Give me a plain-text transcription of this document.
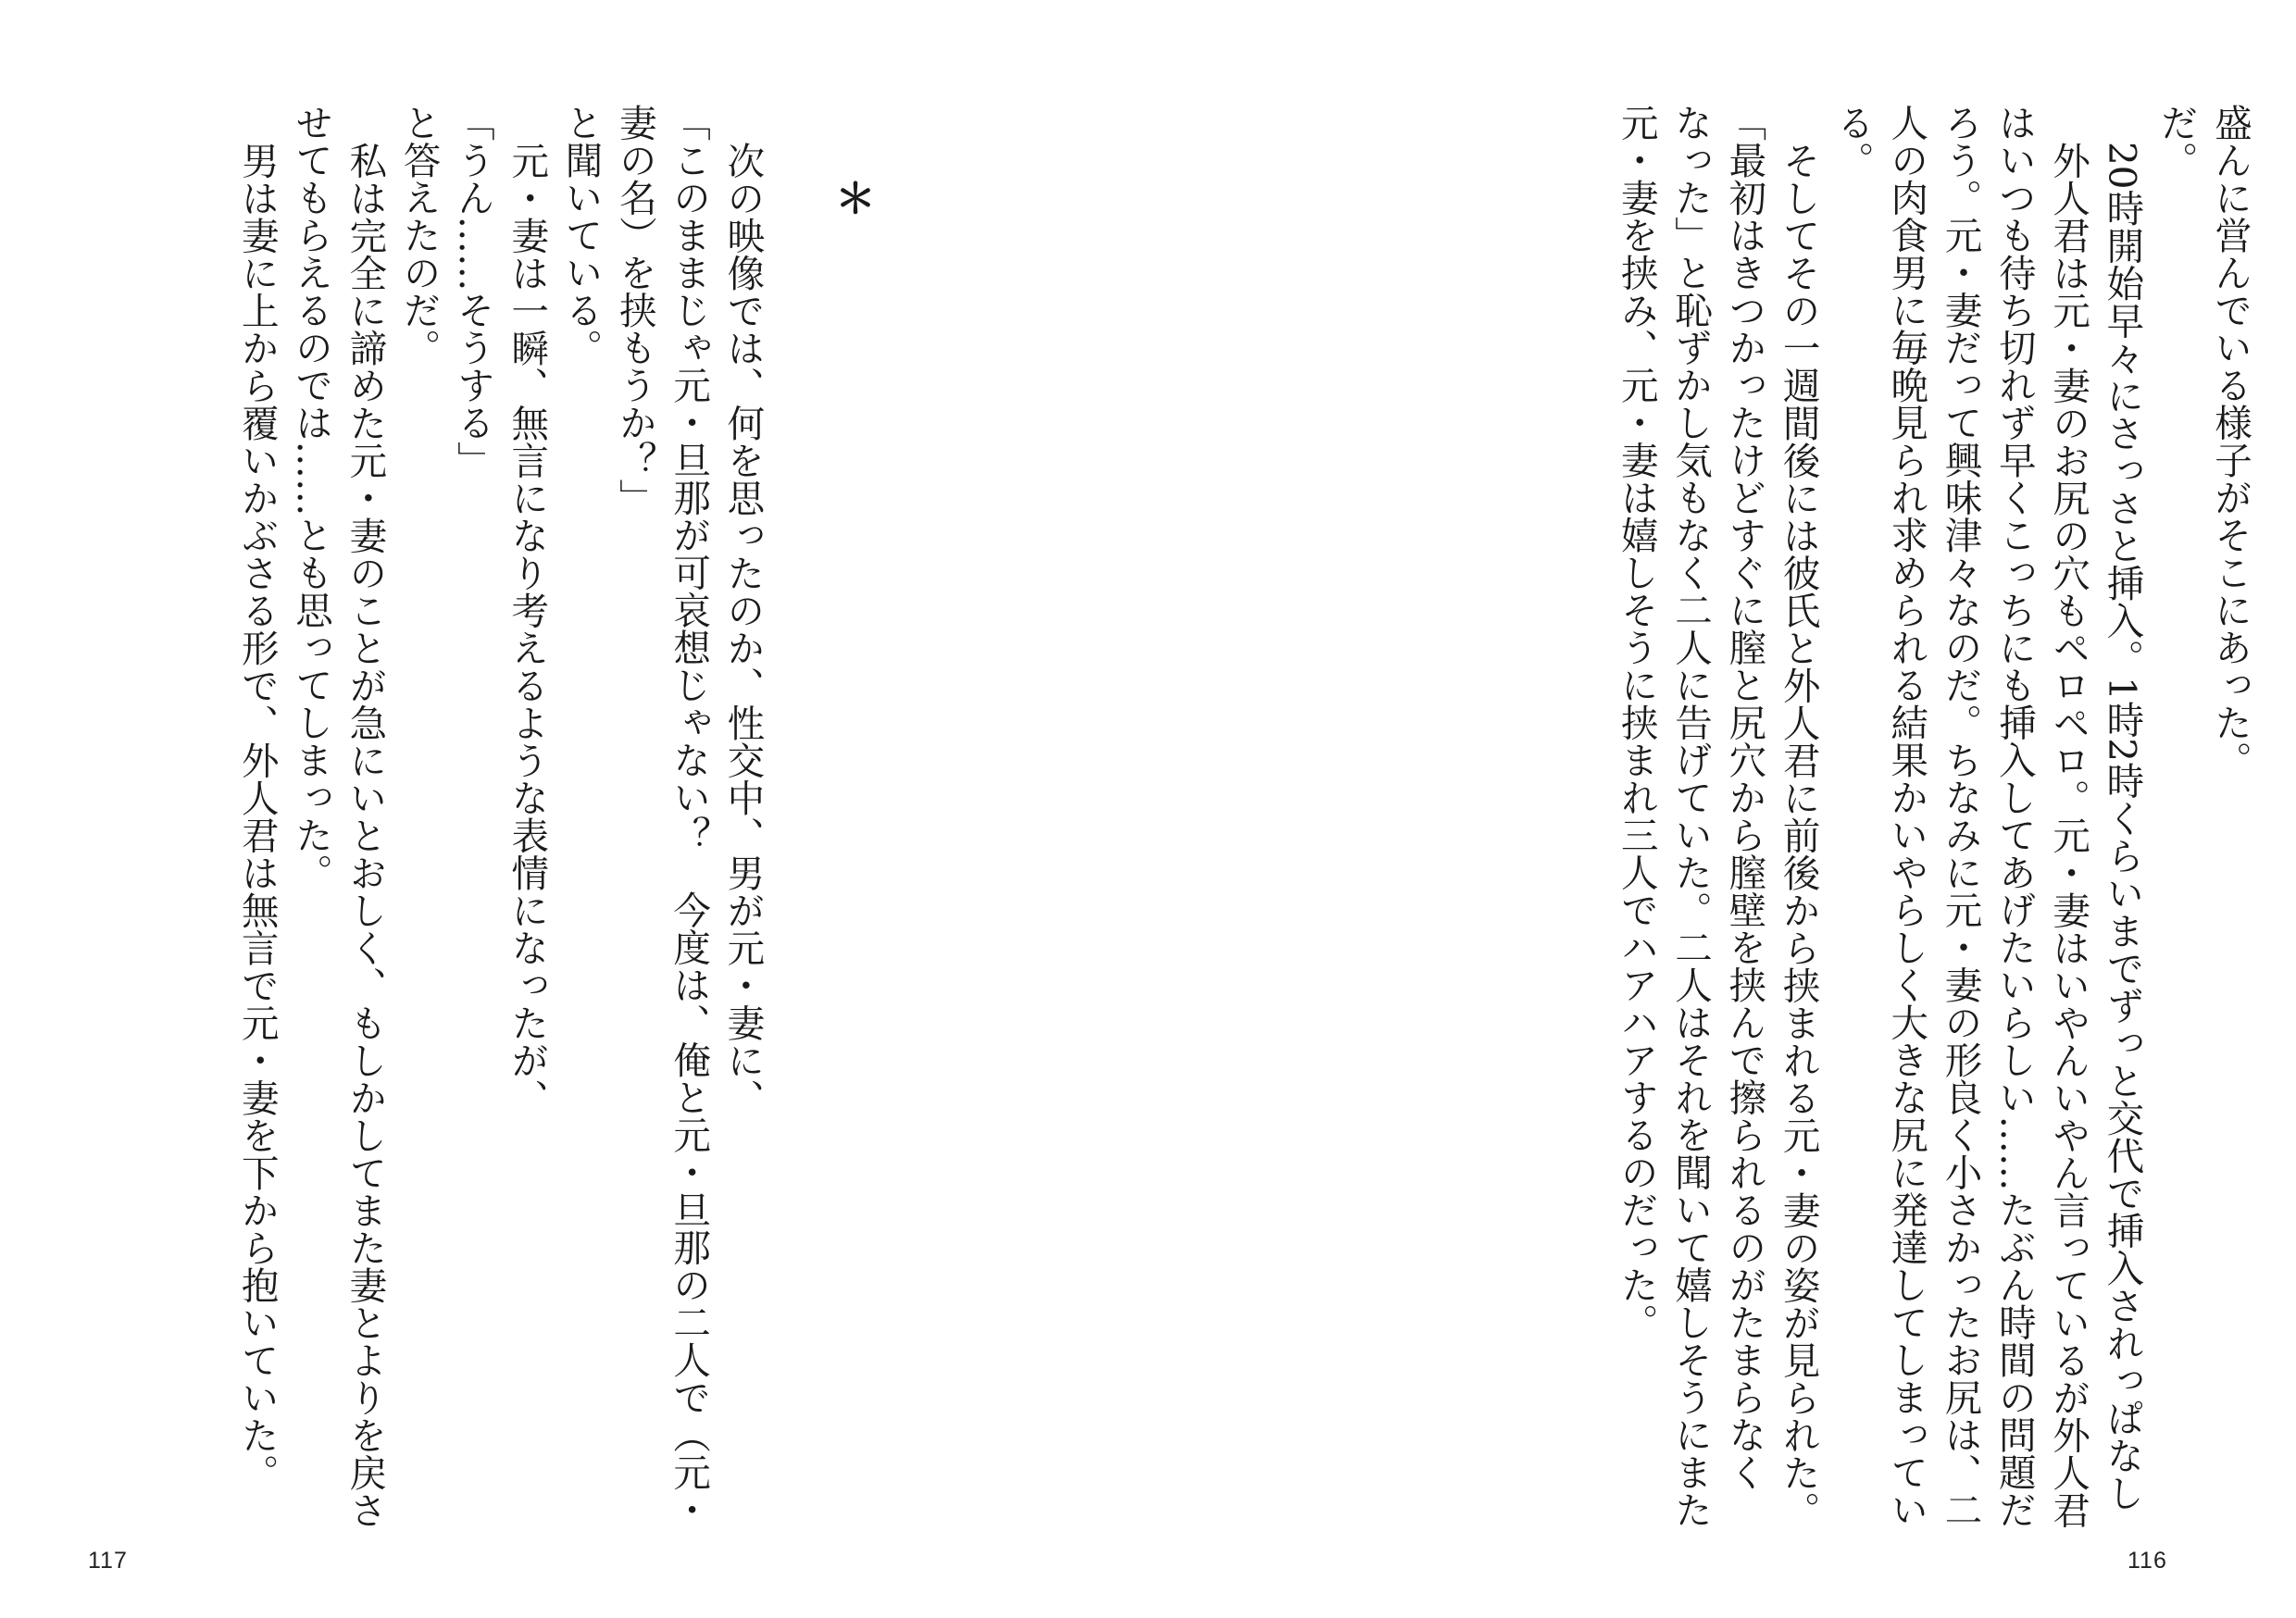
盛んに営んでいる様子がそこにあった。

だ。

20時開始早々にさっさと挿入。1時2時くらいまでずっと交代で挿入されっぱなし

外人君は元・妻のお尻の穴もペロペロ。元・妻はいやんいやん言っているが外人君

はいつも待ち切れず早くこっちにも挿入してあげたいらしい……たぶん時間の問題だ

ろう。元・妻だって興味津々なのだ。ちなみに元・妻の形良く小さかったお尻は、二

人の肉食男に毎晩見られ求められる結果かいやらしく大きな尻に発達してしまってい

る。

そしてその一週間後には彼氏と外人君に前後から挟まれる元・妻の姿が見られた。

「最初はきつかったけどすぐに膣と尻穴から膣壁を挟んで擦られるのがたまらなく

なった」と恥ずかし気もなく二人に告げていた。二人はそれを聞いて嬉しそうにまた

元・妻を挟み、元・妻は嬉しそうに挟まれ三人でハアハアするのだった。

116

＊

次の映像では、何を思ったのか、性交中、男が元・妻に、

「このままじゃ元・旦那が可哀想じゃない？　今度は、俺と元・旦那の二人で（元・

妻の名）を挟もうか？」

と聞いている。

元・妻は一瞬、無言になり考えるような表情になったが、

「うん……そうする」

と答えたのだ。

私は完全に諦めた元・妻のことが急にいとおしく、もしかしてまた妻とよりを戻さ

せてもらえるのでは……とも思ってしまった。

男は妻に上から覆いかぶさる形で、外人君は無言で元・妻を下から抱いていた。

117
